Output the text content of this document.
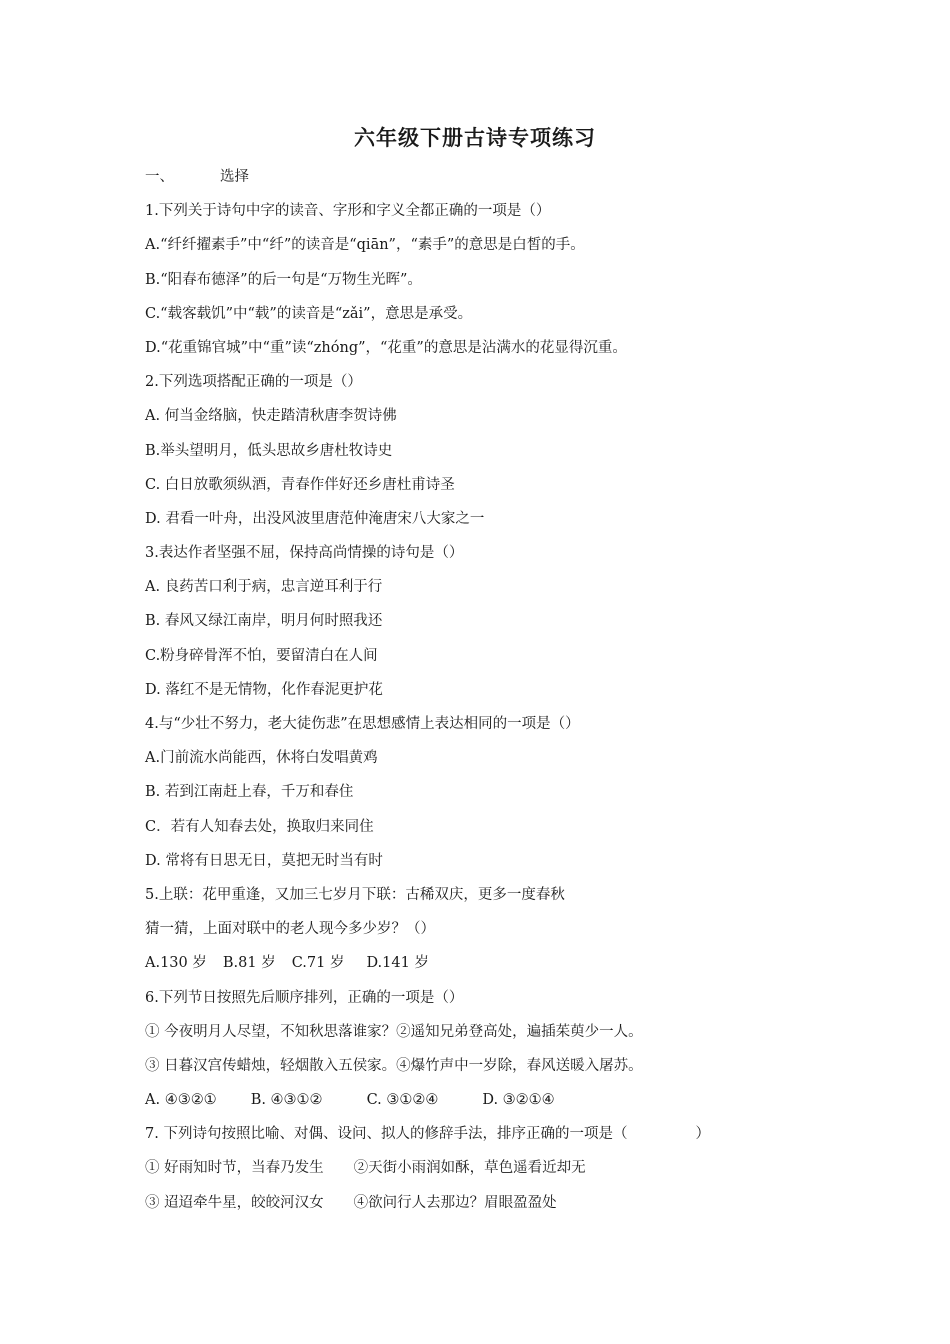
六年级下册古诗专项练习
一、	选择
1.下列关于诗句中字的读音、字形和字义全都正确的一项是（）
A.“纤纤擢素手”中“纤”的读音是“qiān”，“素手”的意思是白皙的手。
B.“阳春布德泽”的后一句是“万物生光晖”。
C.“载客载饥”中“载”的读音是“zǎi”，意思是承受。
D.“花重锦官城”中“重”读“zhóng”，“花重”的意思是沾满水的花显得沉重。
2.下列选项搭配正确的一项是（）
A. 何当金络脑，快走踏清秋唐李贺诗佛
B.举头望明月，低头思故乡唐杜牧诗史
C. 白日放歌须纵酒，青春作伴好还乡唐杜甫诗圣
D. 君看一叶舟，出没风波里唐范仲淹唐宋八大家之一
3.表达作者坚强不屈，保持高尚情操的诗句是（）
A. 良药苦口利于病，忠言逆耳利于行
B. 春风又绿江南岸，明月何时照我还
C.粉身碎骨浑不怕，要留清白在人间
D. 落红不是无情物，化作春泥更护花
4.与“少壮不努力，老大徒伤悲”在思想感情上表达相同的一项是（）
A.门前流水尚能西，休将白发唱黄鸡
B. 若到江南赶上春，千万和春住
C．若有人知春去处，换取归来同住
D. 常将有日思无日，莫把无时当有时
5.上联：花甲重逢，又加三七岁月下联：古稀双庆，更多一度春秋
猜一猜，上面对联中的老人现今多少岁？（）
A.130 岁 B.81 岁 C.71 岁 D.141 岁
6.下列节日按照先后顺序排列，正确的一项是（）
① 今夜明月人尽望，不知秋思落谁家？②遥知兄弟登高处，遍插茱萸少一人。
③ 日暮汉宫传蜡烛，轻烟散入五侯家。④爆竹声中一岁除，春风送暖入屠苏。
A. ④③②① B. ④③①②	C. ③①②④	D. ③②①④
7. 下列诗句按照比喻、对偶、设问、拟人的修辞手法，排序正确的一项是（	）
① 好雨知时节，当春乃发生 ②天街小雨润如酥，草色遥看近却无
③ 迢迢牵牛星，皎皎河汉女 ④欲问行人去那边？眉眼盈盈处
